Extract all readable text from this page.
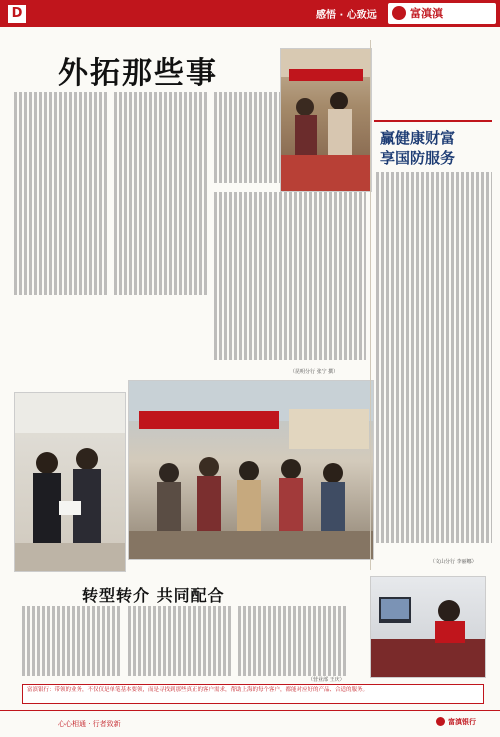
D	感悟 · 心致远	富滇滇
外拓那些事
（昆明分行 张宁 撰）
赢健康财富
享国防服务
（文山分行 李丽娜）
转型转介 共同配合
（营业部 王庆）
富滇银行：带领的业务，不仅仅是单笔基本要领，而是寻找到那些真正的客户需求，帮助上海的每个客户，都能对应好的产品、合适的服务。
心心相通 · 行者致新	富滇银行
